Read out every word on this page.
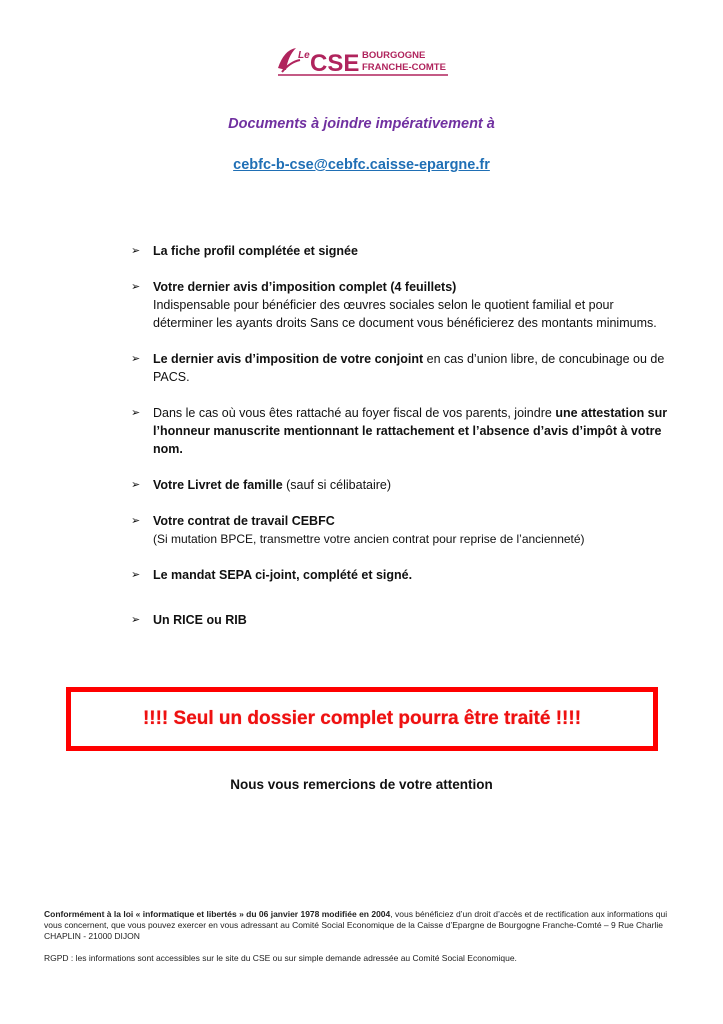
Le CSE BOURGOGNE
FRANCHE-COMTE
Documents à joindre impérativement à
cebfc-b-cse@cebfc.caisse-epargne.fr
➢ La fiche profil complétée et signée
➢ Votre dernier avis d’imposition complet (4 feuillets)
Indispensable pour bénéficier des œuvres sociales selon le quotient familial et pour déterminer les ayants droits Sans ce document vous bénéficierez des montants minimums.
➢ Le dernier avis d’imposition de votre conjoint en cas d’union libre, de concubinage ou de PACS.
➢ Dans le cas où vous êtes rattaché au foyer fiscal de vos parents, joindre une attestation sur l’honneur manuscrite mentionnant le rattachement et l’absence d’avis d’impôt à votre nom.
➢ Votre Livret de famille (sauf si célibataire)
➢ Votre contrat de travail CEBFC
(Si mutation BPCE, transmettre votre ancien contrat pour reprise de l’ancienneté)
➢ Le mandat SEPA ci-joint, complété et signé.
➢ Un RICE ou RIB
!!!! Seul un dossier complet pourra être traité !!!!
Nous vous remercions de votre attention
Conformément à la loi « informatique et libertés » du 06 janvier 1978 modifiée en 2004, vous bénéficiez d’un droit d’accès et de rectification aux informations qui vous concernent, que vous pouvez exercer en vous adressant au Comité Social Economique de la Caisse d’Epargne de Bourgogne Franche-Comté – 9 Rue Charlie CHAPLIN - 21000 DIJON
RGPD : les informations sont accessibles sur le site du CSE ou sur simple demande adressée au Comité Social Economique.
